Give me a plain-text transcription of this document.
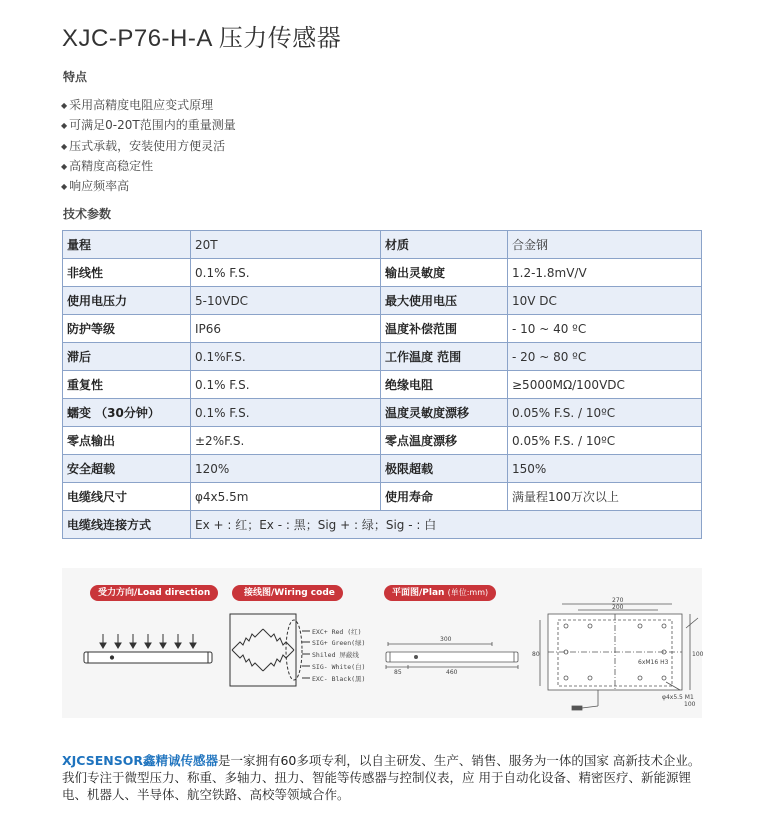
XJC-P76-H-A 压力传感器
特点
◆ 采用高精度电阻应变式原理
◆ 可满足0-20T范围内的重量测量
◆ 压式承载，安装使用方便灵活
◆ 高精度高稳定性
◆ 响应频率高
技术参数
量程	20T	材质	合金钢
非线性	0.1% F.S.	输出灵敏度	1.2-1.8mV/V
使用电压力	5-10VDC	最大使用电压	10V DC
防护等级	IP66	温度补偿范围	- 10 ~ 40 ºC
滞后	0.1%F.S.	工作温度 范围	- 20 ~ 80 ºC
重复性	0.1% F.S.	绝缘电阻	≥5000MΩ/100VDC
蠕变 （30分钟）	0.1% F.S.	温度灵敏度漂移	0.05% F.S. / 10ºC
零点输出	±2%F.S.	零点温度漂移	0.05% F.S. / 10ºC
安全超载	120%	极限超载	150%
电缆线尺寸	φ4x5.5m	使用寿命	满量程100万次以上
电缆线连接方式	Ex + : 红；Ex - : 黑；Sig + : 绿；Sig - : 白		
受力方向/Load direction	接线图/Wiring code	平面图/Plan (单位:mm)
EXC+ Red (红)
SIG+ Green(绿)
Shiled 屏蔽线
SIG- White(白)
EXC- Black(黑)
300
85	460
270
200
80	100
6xM16 H3
φ4x5.5 M1
100

XJCSENSOR鑫精诚传感器是一家拥有60多项专利，以自主研发、生产、销售、服务为一体的国家 高新技术企业。

我们专注于微型压力、称重、多轴力、扭力、智能等传感器与控制仪表，应 用于自动化设备、精密医疗、新能源锂电、机器人、半导体、航空铁路、高校等领域合作。
